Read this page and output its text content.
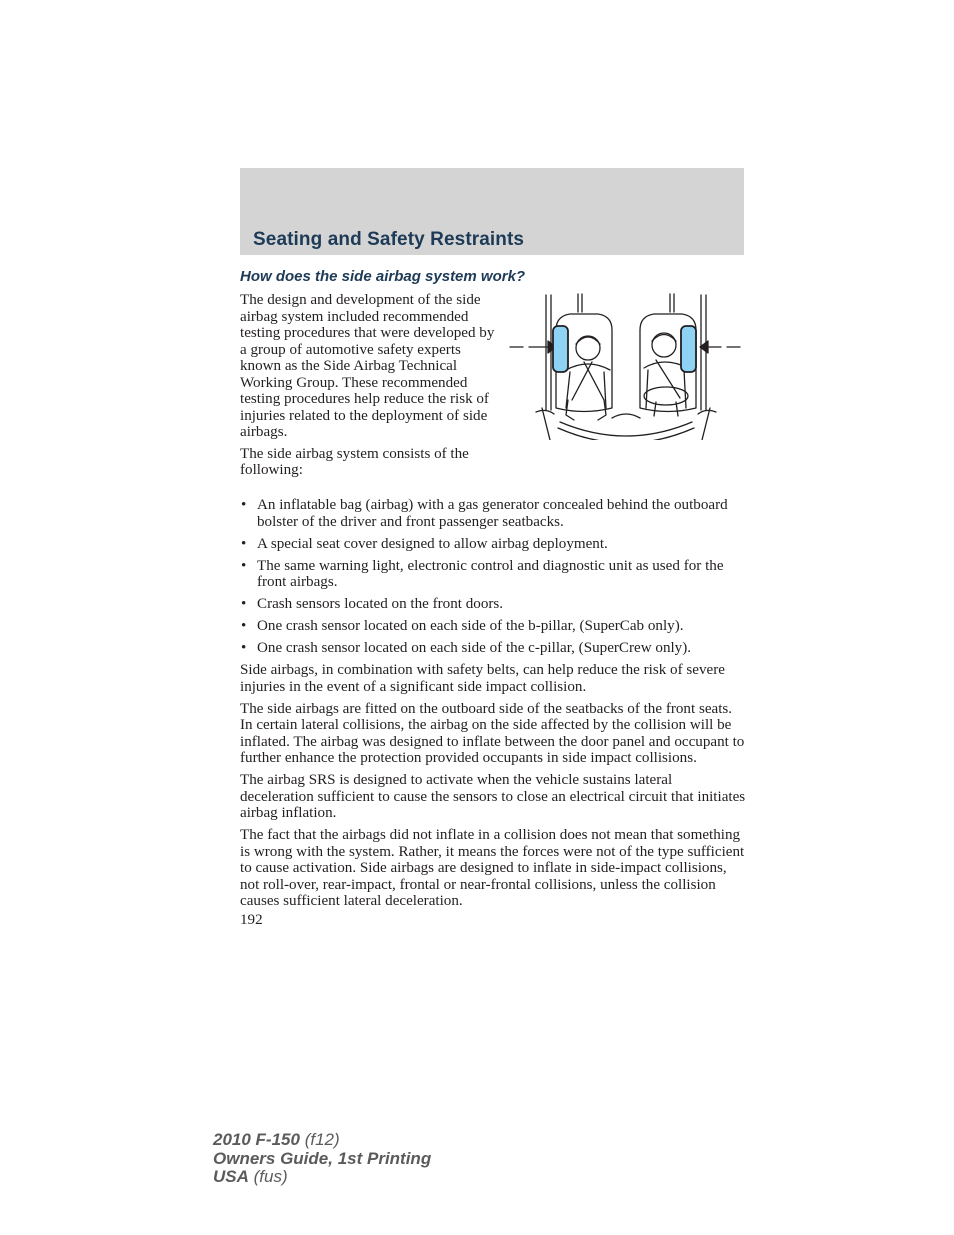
Seating and Safety Restraints
How does the side airbag system work?

The design and development of the side airbag system included recommended testing procedures that were developed by a group of automotive safety experts known as the Side Airbag Technical Working Group. These recommended testing procedures help reduce the risk of injuries related to the deployment of side airbags.

The side airbag system consists of the following:

• An inflatable bag (airbag) with a gas generator concealed behind the outboard bolster of the driver and front passenger seatbacks.
• A special seat cover designed to allow airbag deployment.
• The same warning light, electronic control and diagnostic unit as used for the front airbags.
• Crash sensors located on the front doors.
• One crash sensor located on each side of the b-pillar, (SuperCab only).
• One crash sensor located on each side of the c-pillar, (SuperCrew only).

Side airbags, in combination with safety belts, can help reduce the risk of severe injuries in the event of a significant side impact collision.

The side airbags are fitted on the outboard side of the seatbacks of the front seats. In certain lateral collisions, the airbag on the side affected by the collision will be inflated. The airbag was designed to inflate between the door panel and occupant to further enhance the protection provided occupants in side impact collisions.

The airbag SRS is designed to activate when the vehicle sustains lateral deceleration sufficient to cause the sensors to close an electrical circuit that initiates airbag inflation.

The fact that the airbags did not inflate in a collision does not mean that something is wrong with the system. Rather, it means the forces were not of the type sufficient to cause activation. Side airbags are designed to inflate in side-impact collisions, not roll-over, rear-impact, frontal or near-frontal collisions, unless the collision causes sufficient lateral deceleration.

192
2010 F-150 (f12)
Owners Guide, 1st Printing
USA (fus)
